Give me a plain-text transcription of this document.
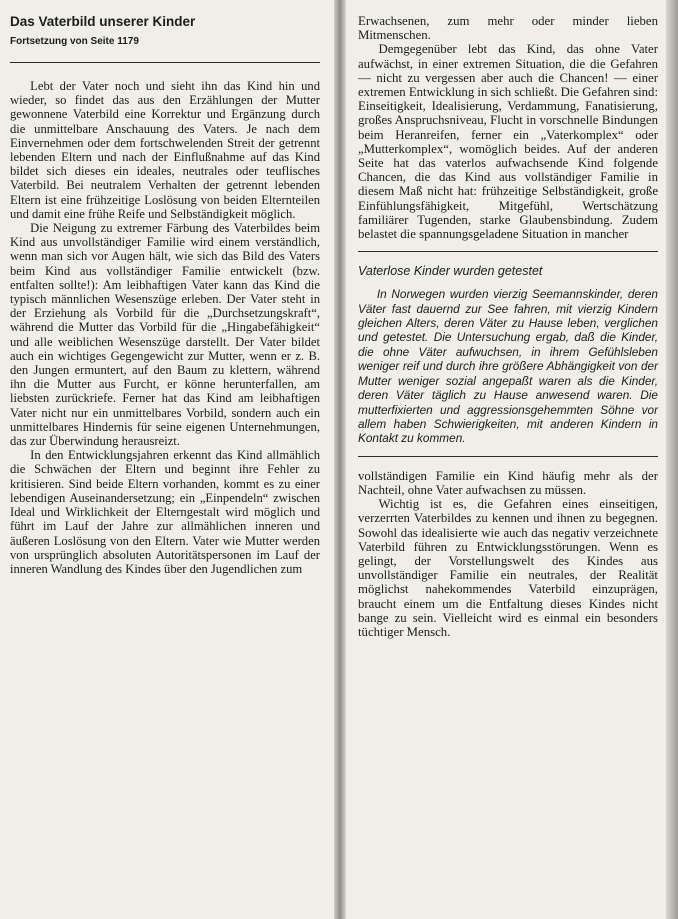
Das Vaterbild unserer Kinder
Fortsetzung von Seite 1179

Lebt der Vater noch und sieht ihn das Kind hin und wieder, so findet das aus den Erzählungen der Mutter gewonnene Vaterbild eine Korrektur und Ergänzung durch die unmittelbare Anschauung des Vaters. Je nach dem Einvernehmen oder dem fortschwelenden Streit der getrennt lebenden Eltern und nach der Einflußnahme auf das Kind bildet sich dieses ein ideales, neutrales oder teuflisches Vaterbild. Bei neutralem Verhalten der getrennt lebenden Eltern ist eine frühzeitige Loslösung von beiden Elternteilen und damit eine frühe Reife und Selbständigkeit möglich.

Die Neigung zu extremer Färbung des Vaterbildes beim Kind aus unvollständiger Familie wird einem verständlich, wenn man sich vor Augen hält, wie sich das Bild des Vaters beim Kind aus vollständiger Familie entwickelt (bzw. entfalten sollte!): Am leibhaftigen Vater kann das Kind die typisch männlichen Wesenszüge erleben. Der Vater steht in der Erziehung als Vorbild für die „Durchsetzungskraft“, während die Mutter das Vorbild für die „Hingabefähigkeit“ und alle weiblichen Wesenszüge darstellt. Der Vater bildet auch ein wichtiges Gegengewicht zur Mutter, wenn er z. B. den Jungen ermuntert, auf den Baum zu klettern, während ihn die Mutter aus Furcht, er könne herunterfallen, am liebsten zurückriefe. Ferner hat das Kind am leibhaftigen Vater nicht nur ein unmittelbares Vorbild, sondern auch ein unmittelbares Hindernis für seine eigenen Unternehmungen, das zur Überwindung herausreizt.

In den Entwicklungsjahren erkennt das Kind allmählich die Schwächen der Eltern und beginnt ihre Fehler zu kritisieren. Sind beide Eltern vorhanden, kommt es zu einer lebendigen Auseinandersetzung; ein „Einpendeln“ zwischen Ideal und Wirklichkeit der Elterngestalt wird möglich und führt im Lauf der Jahre zur allmählichen inneren und äußeren Loslösung von den Eltern. Vater wie Mutter werden von ursprünglich absoluten Autoritätspersonen im Lauf der inneren Wandlung des Kindes über den Jugendlichen zum

Erwachsenen, zum mehr oder minder lieben Mitmenschen.

Demgegenüber lebt das Kind, das ohne Vater aufwächst, in einer extremen Situation, die die Gefahren — nicht zu vergessen aber auch die Chancen! — einer extremen Entwicklung in sich schließt. Die Gefahren sind: Einseitigkeit, Idealisierung, Verdammung, Fanatisierung, großes Anspruchsniveau, Flucht in vorschnelle Bindungen beim Heranreifen, ferner ein „Vaterkomplex“ oder „Mutterkomplex“, womöglich beides. Auf der anderen Seite hat das vaterlos aufwachsende Kind folgende Chancen, die das Kind aus vollständiger Familie in diesem Maß nicht hat: frühzeitige Selbständigkeit, große Einfühlungsfähigkeit, Mitgefühl, Wertschätzung familiärer Tugenden, starke Glaubensbindung. Zudem belastet die spannungsgeladene Situation in mancher

Vaterlose Kinder wurden getestet

In Norwegen wurden vierzig Seemannskinder, deren Väter fast dauernd zur See fahren, mit vierzig Kindern gleichen Alters, deren Väter zu Hause leben, verglichen und getestet. Die Untersuchung ergab, daß die Kinder, die ohne Väter aufwuchsen, in ihrem Gefühlsleben weniger reif und durch ihre größere Abhängigkeit von der Mutter weniger sozial angepaßt waren als die Kinder, deren Väter täglich zu Hause anwesend waren. Die mutterfixierten und aggressionsgehemmten Söhne vor allem haben Schwierigkeiten, mit anderen Kindern in Kontakt zu kommen.

vollständigen Familie ein Kind häufig mehr als der Nachteil, ohne Vater aufwachsen zu müssen.

Wichtig ist es, die Gefahren eines einseitigen, verzerrten Vaterbildes zu kennen und ihnen zu begegnen. Sowohl das idealisierte wie auch das negativ verzeichnete Vaterbild führen zu Entwicklungsstörungen. Wenn es gelingt, der Vorstellungswelt des Kindes aus unvollständiger Familie ein neutrales, der Realität möglichst nahekommendes Vaterbild einzuprägen, braucht einem um die Entfaltung dieses Kindes nicht bange zu sein. Vielleicht wird es einmal ein besonders tüchtiger Mensch.
